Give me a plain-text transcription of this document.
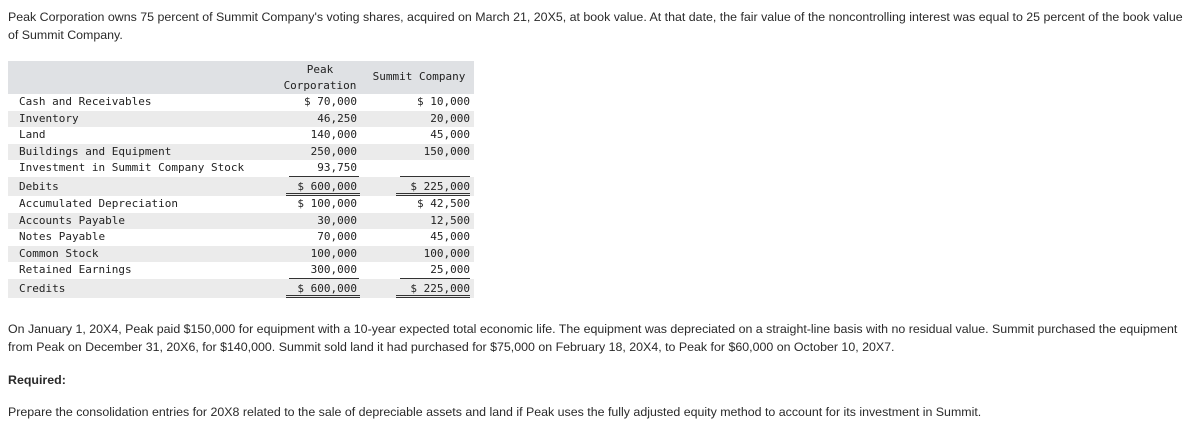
Peak Corporation owns 75 percent of Summit Company's voting shares, acquired on March 21, 20X5, at book value. At that date, the fair value of the noncontrolling interest was equal to 25 percent of the book value of Summit Company.
Peak
Corporation
Summit Company
Cash and Receivables	$ 70,000	$ 10,000
Inventory	46,250	20,000
Land	140,000	45,000
Buildings and Equipment	250,000	150,000
Investment in Summit Company Stock	93,750
Debits	$ 600,000	$ 225,000
Accumulated Depreciation	$ 100,000	$ 42,500
Accounts Payable	30,000	12,500
Notes Payable	70,000	45,000
Common Stock	100,000	100,000
Retained Earnings	300,000	25,000
Credits	$ 600,000	$ 225,000
On January 1, 20X4, Peak paid $150,000 for equipment with a 10-year expected total economic life. The equipment was depreciated on a straight-line basis with no residual value. Summit purchased the equipment from Peak on December 31, 20X6, for $140,000. Summit sold land it had purchased for $75,000 on February 18, 20X4, to Peak for $60,000 on October 10, 20X7.
Required:
Prepare the consolidation entries for 20X8 related to the sale of depreciable assets and land if Peak uses the fully adjusted equity method to account for its investment in Summit.
